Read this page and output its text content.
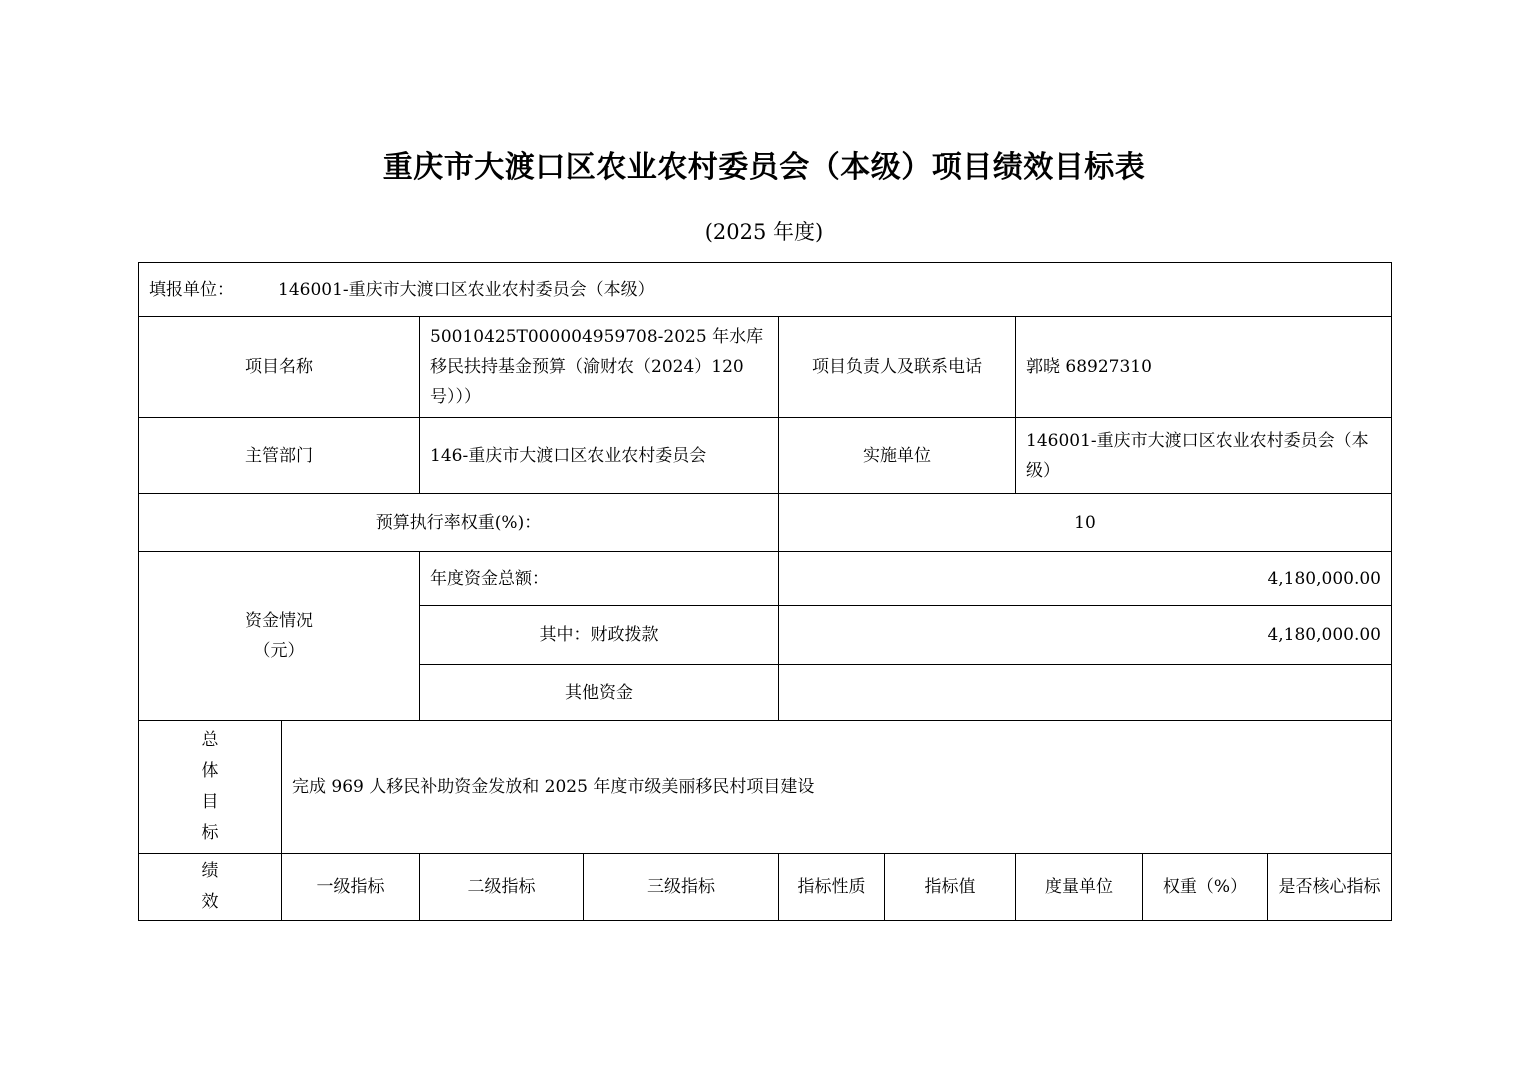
重庆市大渡口区农业农村委员会（本级）项目绩效目标表

(2025 年度)

填报单位： 146001-重庆市大渡口区农业农村委员会（本级）								
项目名称		50010425T000004959708-2025 年水库移民扶持基金预算（渝财农（2024）120 号）））		项目负责人及联系电话		郭晓 68927310		
主管部门		146-重庆市大渡口区农业农村委员会		实施单位		146001-重庆市大渡口区农业农村委员会（本级）		
预算执行率权重(%)：				10				

资金情况
（元）		年度资金总额：		4,180,000.00				
		其中：财政拨款		4,180,000.00				
		其他资金						

总
体
目
标	完成 969 人移民补助资金发放和 2025 年度市级美丽移民村项目建设							

绩
效	一级指标	二级指标	三级指标	指标性质	指标值	度量单位	权重（%）	是否核心指标
